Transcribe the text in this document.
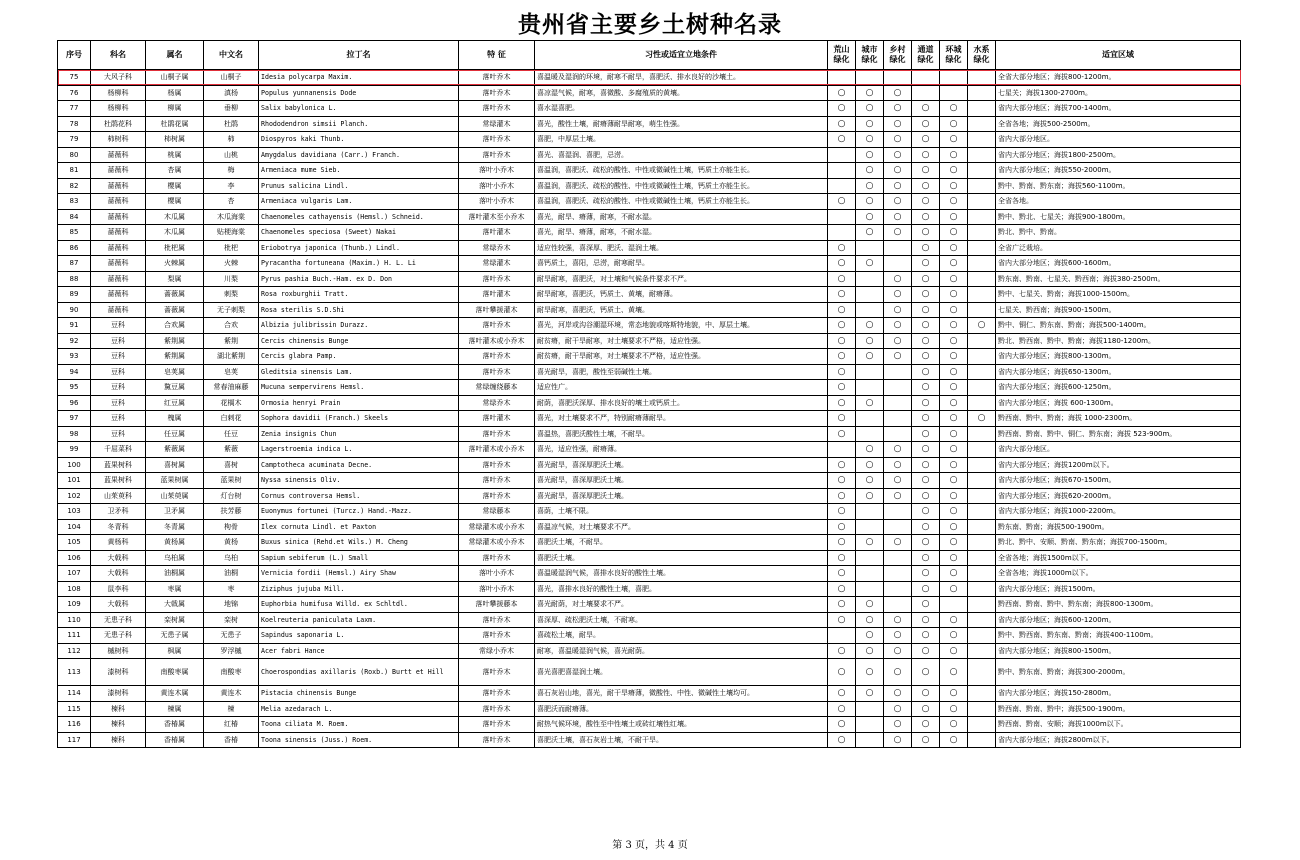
贵州省主要乡土树种名录
序号	科名	属名	中文名	拉丁名	特 征	习性或适宜立地条件	荒山绿化	城市绿化	乡村绿化	通道绿化	环城绿化	水系绿化	适宜区域
75	大风子科	山桐子属	山桐子	Idesia polycarpa Maxim.	落叶乔木	喜温暖及湿润的环境，耐寒不耐旱，喜肥沃、排水良好的沙壤土。							全省大部分地区；海拔800-1200m。
76	杨柳科	杨属	滇杨	Populus yunnanensis Dode	落叶乔木	喜凉湿气候，耐寒，喜微酸、多腐殖质的黄壤。	○	○	○				七星关；海拔1300-2700m。
77	杨柳科	柳属	垂柳	Salix babylonica L.	落叶乔木	喜水湿喜肥。	○	○	○	○	○		省内大部分地区；海拔700-1400m。
78	杜鹃花科	杜鹃花属	杜鹃	Rhododendron simsii Planch.	常绿灌木	喜光，酸性土壤，耐瘠薄耐旱耐寒，萌生性强。	○	○	○	○	○		全省各地；海拔500-2500m。
79	柿树科	柿树属	柿	Diospyros kaki Thunb.	落叶乔木	喜肥，中厚层土壤。	○	○	○	○	○		省内大部分地区。
80	蔷薇科	桃属	山桃	Amygdalus davidiana (Carr.) Franch.	落叶乔木	喜光、喜湿润、喜肥，忌涝。		○	○	○	○		省内大部分地区；海拔1800-2500m。
81	蔷薇科	杏属	梅	Armeniaca mume Sieb.	落叶小乔木	喜温润，喜肥沃、疏松的酸性、中性或微碱性土壤，钙质土亦能生长。		○	○	○	○		省内大部分地区；海拔550-2000m。
82	蔷薇科	樱属	李	Prunus salicina Lindl.	落叶小乔木	喜温润，喜肥沃、疏松的酸性、中性或微碱性土壤，钙质土亦能生长。		○	○	○	○		黔中、黔南、黔东南；海拔560-1100m。
83	蔷薇科	樱属	杏	Armeniaca vulgaris Lam.	落叶小乔木	喜温润，喜肥沃、疏松的酸性、中性或微碱性土壤，钙质土亦能生长。	○	○	○	○	○		全省各地。
84	蔷薇科	木瓜属	木瓜海棠	Chaenomeles cathayensis (Hemsl.) Schneid.	落叶灌木至小乔木	喜光，耐旱、瘠薄，耐寒，不耐水湿。		○	○	○	○		黔中、黔北、七星关；海拔900-1800m。
85	蔷薇科	木瓜属	贴梗海棠	Chaenomeles speciosa (Sweet) Nakai	落叶灌木	喜光，耐旱、瘠薄，耐寒，不耐水湿。		○	○	○	○		黔北、黔中、黔南。
86	蔷薇科	枇杷属	枇杷	Eriobotrya japonica (Thunb.) Lindl.	常绿乔木	适应性较强，喜深厚、肥沃、湿润土壤。	○			○	○		全省广泛栽培。
87	蔷薇科	火棘属	火棘	Pyracantha fortuneana (Maxim.) H. L. Li	常绿灌木	喜钙质土，喜阳，忌涝，耐寒耐旱。	○	○		○	○		省内大部分地区；海拔600-1600m。
88	蔷薇科	梨属	川梨	Pyrus pashia Buch.-Ham. ex D. Don	落叶乔木	耐旱耐寒，喜肥沃，对土壤和气候条件要求不严。	○		○	○	○		黔东南、黔南、七星关、黔西南；海拔380-2500m。
89	蔷薇科	蔷薇属	刺梨	Rosa roxburghii Tratt.	落叶灌木	耐旱耐寒，喜肥沃，钙质土、黄壤，耐瘠薄。	○		○	○	○		黔中、七星关、黔南；海拔1000-1500m。
90	蔷薇科	蔷薇属	无子刺梨	Rosa sterilis S.D.Shi	落叶攀援灌木	耐旱耐寒，喜肥沃，钙质土、黄壤。	○		○	○	○		七星关、黔西南；海拔900-1500m。
91	豆科	合欢属	合欢	Albizia julibrissin Durazz.	落叶乔木	喜光，河岸或沟谷潮湿环境，常态地貌或喀斯特地貌，中、厚层土壤。	○	○	○	○	○	○	黔中、铜仁、黔东南、黔南；海拔500-1400m。
92	豆科	紫荆属	紫荆	Cercis chinensis Bunge	落叶灌木或小乔木	耐贫瘠，耐干旱耐寒，对土壤要求不严格，适应性强。	○	○	○	○	○		黔北、黔西南、黔中、黔南；海拔1180-1200m。
93	豆科	紫荆属	湖北紫荆	Cercis glabra Pamp.	落叶乔木	耐贫瘠，耐干旱耐寒，对土壤要求不严格，适应性强。	○	○	○	○	○		省内大部分地区；海拔800-1300m。
94	豆科	皂荚属	皂荚	Gleditsia sinensis Lam.	落叶乔木	喜光耐旱，喜肥，酸性至弱碱性土壤。	○			○	○		省内大部分地区；海拔650-1300m。
95	豆科	黧豆属	常春油麻藤	Mucuna sempervirens Hemsl.	常绿缠绕藤本	适应性广。	○			○	○		省内大部分地区；海拔600-1250m。
96	豆科	红豆属	花榈木	Ormosia henryi Prain	常绿乔木	耐荫，喜肥沃深厚、排水良好的壤土或钙质土。	○	○		○	○		省内大部分地区；海拔 600-1300m。
97	豆科	槐属	白刺花	Sophora davidii (Franch.) Skeels	落叶灌木	喜光，对土壤要求不严，特别耐瘠薄耐旱。	○			○	○	○	黔西南、黔中、黔南；海拔 1000-2300m。
98	豆科	任豆属	任豆	Zenia insignis Chun	落叶乔木	喜温热，喜肥沃酸性土壤，不耐旱。	○			○	○		黔西南、黔南、黔中、铜仁、黔东南；海拔 523-900m。
99	千屈菜科	紫薇属	紫薇	Lagerstroemia indica L.	落叶灌木或小乔木	喜光，适应性强，耐瘠薄。		○	○	○	○		省内大部分地区。
100	蓝果树科	喜树属	喜树	Camptotheca acuminata Decne.	落叶乔木	喜光耐旱，喜深厚肥沃土壤。	○	○	○	○	○		省内大部分地区；海拔1200m以下。
101	蓝果树科	蓝果树属	蓝果树	Nyssa sinensis Oliv.	落叶乔木	喜光耐旱，喜深厚肥沃土壤。	○	○	○	○	○		省内大部分地区；海拔670-1500m。
102	山茱萸科	山茱萸属	灯台树	Cornus controversa Hemsl.	落叶乔木	喜光耐旱，喜深厚肥沃土壤。	○	○	○	○	○		省内大部分地区；海拔620-2000m。
103	卫矛科	卫矛属	扶芳藤	Euonymus fortunei (Turcz.) Hand.-Mazz.	常绿藤本	喜荫，土壤不限。	○			○	○		省内大部分地区；海拔1000-2200m。
104	冬青科	冬青属	枸骨	Ilex cornuta Lindl. et Paxton	常绿灌木或小乔木	喜温凉气候，对土壤要求不严。	○			○	○		黔东南、黔南；海拔500-1900m。
105	黄杨科	黄杨属	黄杨	Buxus sinica (Rehd.et Wils.) M. Cheng	常绿灌木或小乔木	喜肥沃土壤，不耐旱。	○	○	○	○	○		黔北、黔中、安顺、黔南、黔东南；海拔700-1500m。
106	大戟科	乌桕属	乌桕	Sapium sebiferum (L.) Small	落叶乔木	喜肥沃土壤。	○			○	○		全省各地；海拔1500m以下。
107	大戟科	油桐属	油桐	Vernicia fordii (Hemsl.) Airy Shaw	落叶小乔木	喜温暖湿润气候，喜排水良好的酸性土壤。	○			○	○		全省各地；海拔1000m以下。
108	鼠李科	枣属	枣	Ziziphus jujuba Mill.	落叶小乔木	喜光，喜排水良好的酸性土壤，喜肥。	○			○	○		省内大部分地区；海拔1500m。
109	大戟科	大戟属	地锦	Euphorbia humifusa Willd. ex Schltdl.	落叶攀援藤本	喜光耐荫，对土壤要求不严。	○	○		○			黔西南、黔南、黔中、黔东南；海拔800-1300m。
110	无患子科	栾树属	栾树	Koelreuteria paniculata Laxm.	落叶乔木	喜深厚、疏松肥沃土壤，不耐寒。	○	○	○	○	○		省内大部分地区；海拔600-1200m。
111	无患子科	无患子属	无患子	Sapindus saponaria L.	落叶乔木	喜疏松土壤，耐旱。		○	○	○	○		黔中、黔西南、黔东南、黔南；海拔400-1100m。
112	槭树科	枫属	罗浮槭	Acer fabri Hance	常绿小乔木	耐寒，喜温暖湿润气候，喜光耐荫。	○	○	○	○	○		省内大部分地区；海拔800-1500m。
113	漆树科	南酸枣属	南酸枣	Choerospondias axillaris (Roxb.) Burtt et Hill	落叶乔木	喜光喜肥喜湿润土壤。	○	○	○	○	○		黔中、黔东南、黔南；海拔300-2000m。
114	漆树科	黄连木属	黄连木	Pistacia chinensis Bunge	落叶乔木	喜石灰岩山地，喜光，耐干旱瘠薄，微酸性、中性、微碱性土壤均可。	○	○	○	○	○		省内大部分地区；海拔150-2800m。
115	楝科	楝属	楝	Melia azedarach L.	落叶乔木	喜肥沃而耐瘠薄。	○		○	○	○		黔西南、黔南、黔中；海拔500-1900m。
116	楝科	香椿属	红椿	Toona ciliata M. Roem.	落叶乔木	耐热气候环境，酸性至中性壤土或砖红壤性红壤。	○		○	○	○		黔西南、黔南、安顺；海拔1000m以下。
117	楝科	香椿属	香椿	Toona sinensis (Juss.) Roem.	落叶乔木	喜肥沃土壤，喜石灰岩土壤，不耐干旱。	○		○	○	○		省内大部分地区；海拔2800m以下。
第 3 页，共 4 页
